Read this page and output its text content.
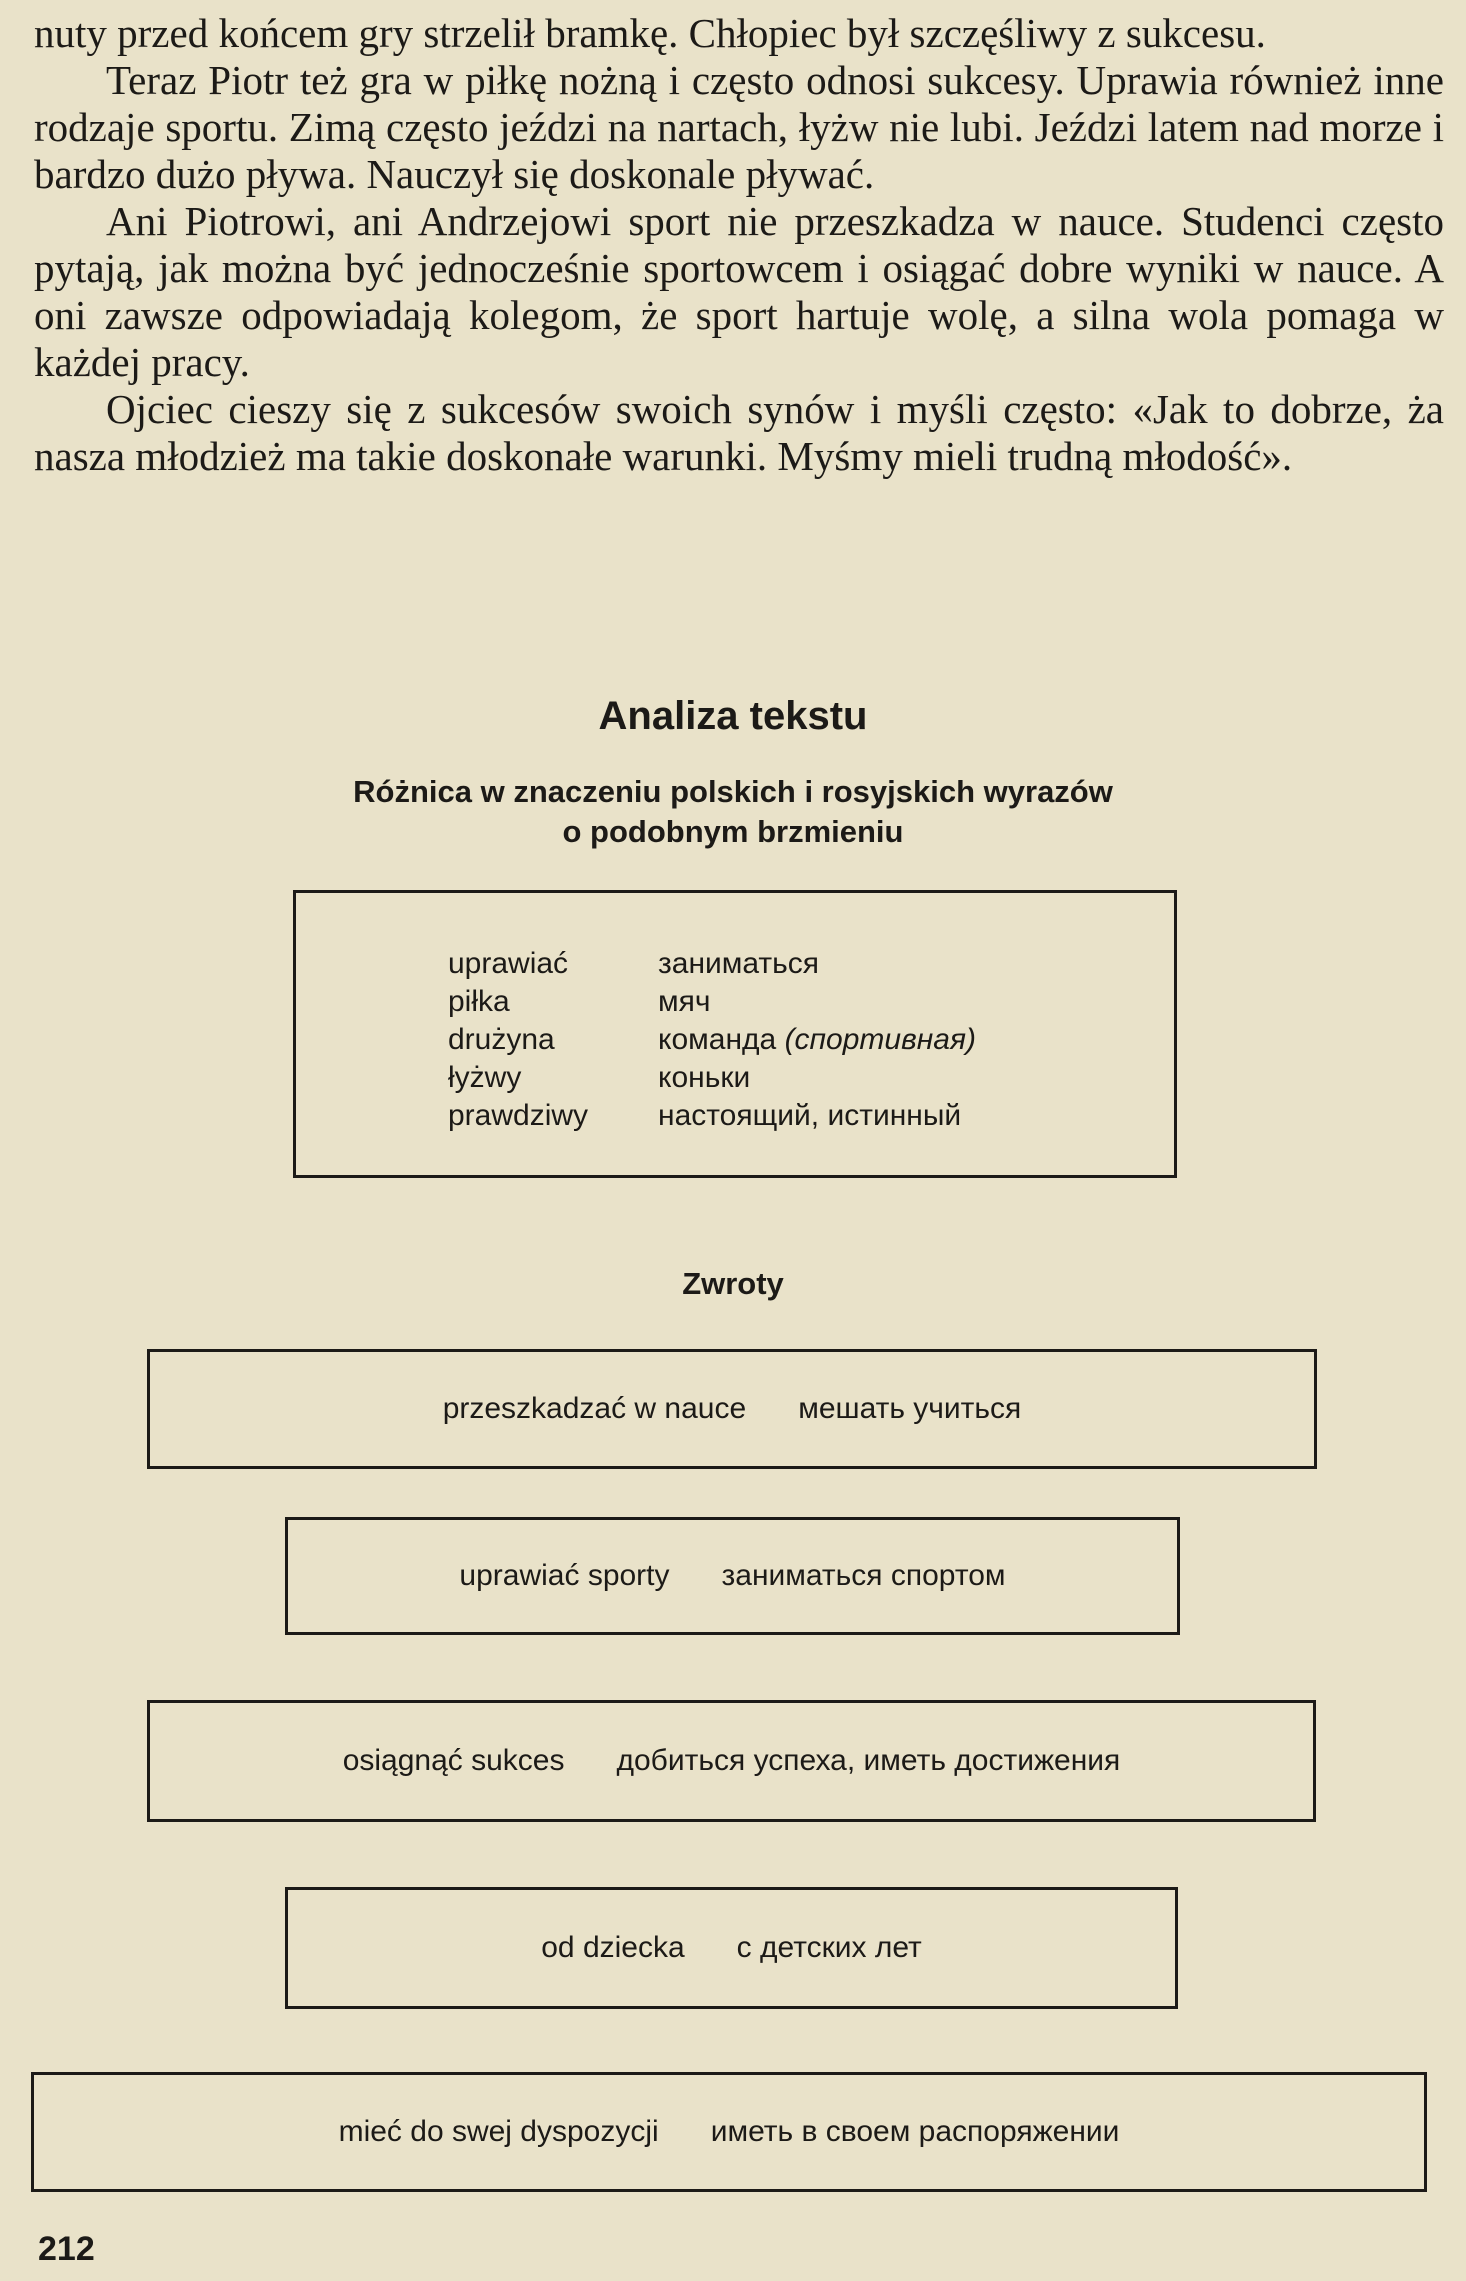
nuty przed końcem gry strzelił bramkę. Chłopiec był szczęśliwy z sukcesu.

Teraz Piotr też gra w piłkę nożną i często odnosi sukcesy. Uprawia również inne rodzaje sportu. Zimą często jeździ na nartach, łyżw nie lubi. Jeździ latem nad morze i bardzo dużo pływa. Nauczył się doskonale pływać.

Ani Piotrowi, ani Andrzejowi sport nie przeszkadza w nauce. Studenci często pytają, jak można być jednocześnie sportowcem i osiągać dobre wyniki w nauce. A oni zawsze odpowiadają kolegom, że sport hartuje wolę, a silna wola pomaga w każdej pracy.

Ojciec cieszy się z sukcesów swoich synów i myśli często: «Jak to dobrze, ża nasza młodzież ma takie doskonałe warunki. Myśmy mieli trudną młodość».

Analiza tekstu
Różnica w znaczeniu polskich i rosyjskich wyrazów
o podobnym brzmieniu
uprawiać	заниматься
piłka	мяч
drużyna	команда (спортивная)
łyżwy	коньки
prawdziwy настоящий, истинный
Zwroty
przeszkadzać w nauce мешать учиться
uprawiać sporty заниматься спортом
osiągnąć sukces добиться успеха, иметь достижения
od dziecka с детских лет
mieć do swej dyspozycji иметь в своем распоряжении
212
